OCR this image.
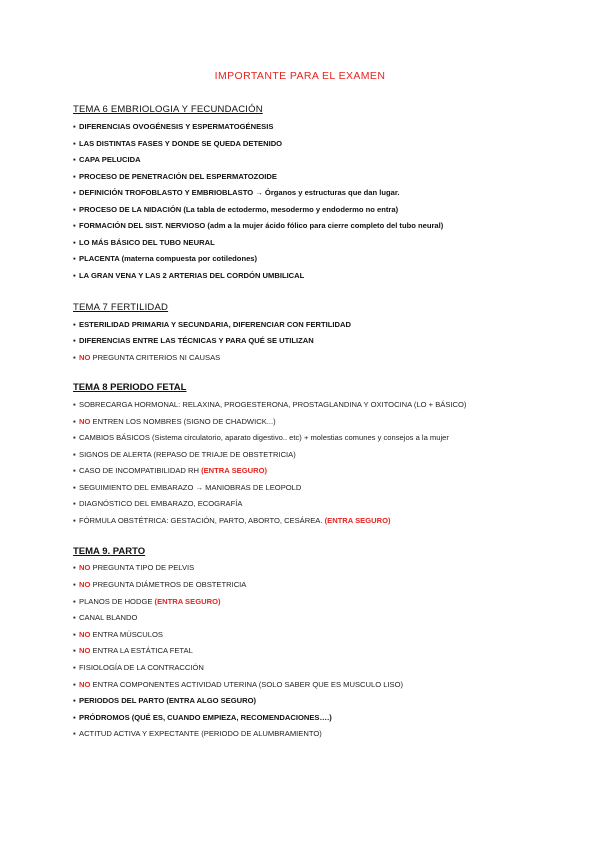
IMPORTANTE PARA EL EXAMEN
TEMA 6 EMBRIOLOGIA Y FECUNDACIÓN
▪ DIFERENCIAS OVOGÉNESIS Y ESPERMATOGÉNESIS
▪ LAS DISTINTAS FASES Y DONDE SE QUEDA DETENIDO
▪ CAPA PELUCIDA
▪ PROCESO DE PENETRACIÓN DEL ESPERMATOZOIDE
▪ DEFINICIÓN TROFOBLASTO Y EMBRIOBLASTO → Órganos y estructuras que dan lugar.
▪ PROCESO DE LA NIDACIÓN (La tabla de ectodermo, mesodermo y endodermo no entra)
▪ FORMACIÓN DEL SIST. NERVIOSO (adm a la mujer ácido fólico para cierre completo del tubo neural)
▪ LO MÁS BÁSICO DEL TUBO NEURAL
▪ PLACENTA (materna compuesta por cotiledones)
▪ LA GRAN VENA Y LAS 2 ARTERIAS DEL CORDÓN UMBILICAL
TEMA 7 FERTILIDAD
▪ ESTERILIDAD PRIMARIA Y SECUNDARIA, DIFERENCIAR CON FERTILIDAD
▪ DIFERENCIAS ENTRE LAS TÉCNICAS Y PARA QUÉ SE UTILIZAN
▪ NO PREGUNTA CRITERIOS NI CAUSAS
TEMA 8 PERIODO FETAL
▪ SOBRECARGA HORMONAL: RELAXINA, PROGESTERONA, PROSTAGLANDINA Y OXITOCINA (LO + BÁSICO)
▪ NO ENTREN LOS NOMBRES (SIGNO DE CHADWICK...)
▪ CAMBIOS BÁSICOS (Sistema circulatorio, aparato digestivo.. etc) + molestias comunes y consejos a la mujer
▪ SIGNOS DE ALERTA (REPASO DE TRIAJE DE OBSTETRICIA)
▪ CASO DE INCOMPATIBILIDAD RH (ENTRA SEGURO)
▪ SEGUIMIENTO DEL EMBARAZO → MANIOBRAS DE LEOPOLD
▪ DIAGNÓSTICO DEL EMBARAZO, ECOGRAFÍA
▪ FÓRMULA OBSTÉTRICA: GESTACIÓN, PARTO, ABORTO, CESÁREA. (ENTRA SEGURO)
TEMA 9. PARTO
▪ NO PREGUNTA TIPO DE PELVIS
▪ NO PREGUNTA DIÁMETROS DE OBSTETRICIA
▪ PLANOS DE HODGE (ENTRA SEGURO)
▪ CANAL BLANDO
▪ NO ENTRA MÚSCULOS
▪ NO ENTRA LA ESTÁTICA FETAL
▪ FISIOLOGÍA DE LA CONTRACCIÓN
▪ NO ENTRA COMPONENTES ACTIVIDAD UTERINA (SOLO SABER QUE ES MUSCULO LISO)
▪ PERIODOS DEL PARTO (ENTRA ALGO SEGURO)
▪ PRÓDROMOS (QUÉ ES, CUANDO EMPIEZA, RECOMENDACIONES….)
▪ ACTITUD ACTIVA Y EXPECTANTE (PERIODO DE ALUMBRAMIENTO)
